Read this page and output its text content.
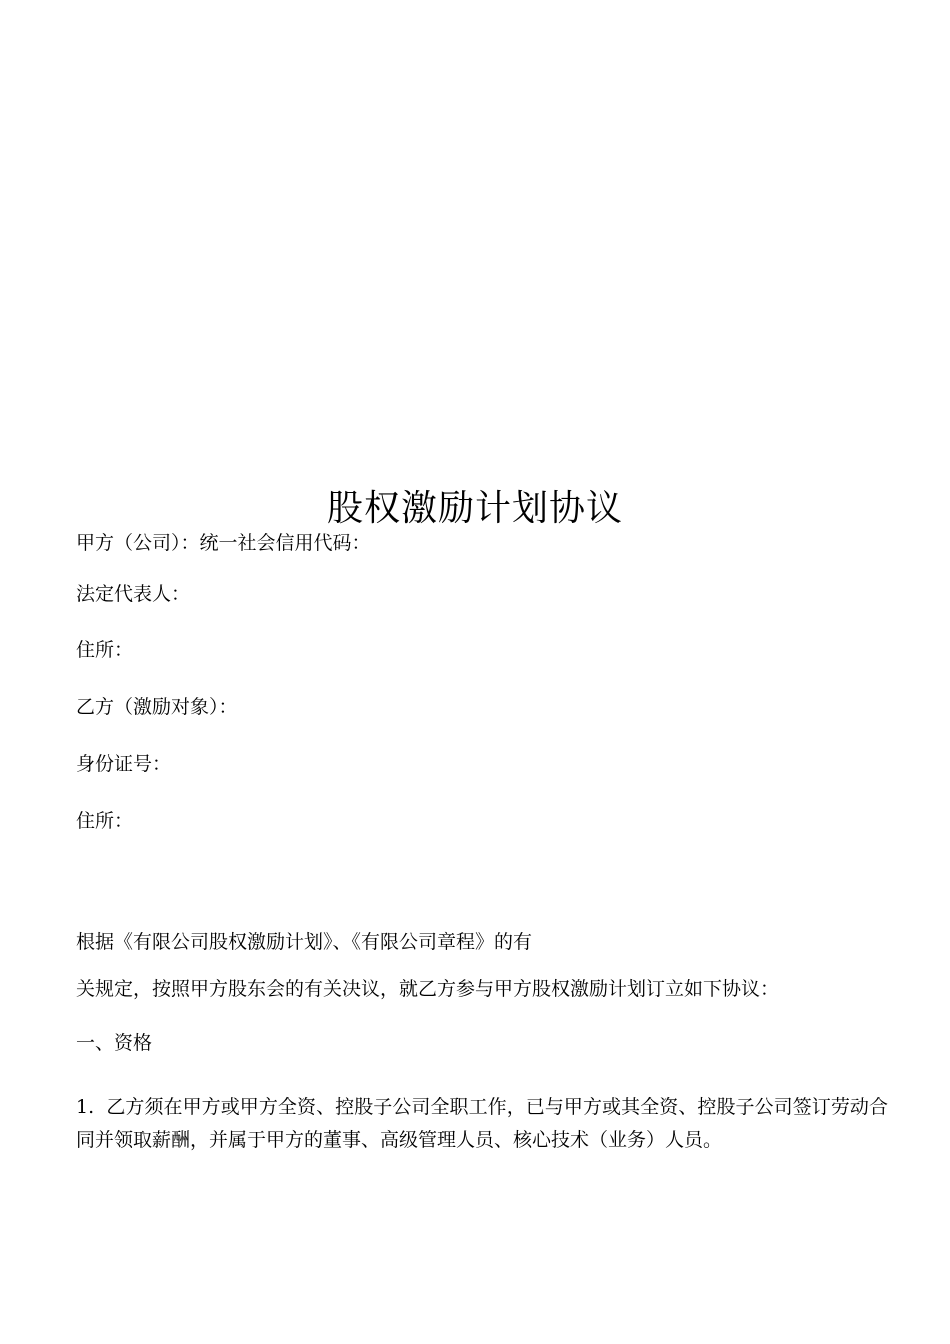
股权激励计划协议
甲方（公司）：统一社会信用代码：
法定代表人：
住所：
乙方（激励对象）：
身份证号：
住所：
根据《有限公司股权激励计划》、《有限公司章程》的有
关规定，按照甲方股东会的有关决议，就乙方参与甲方股权激励计划订立如下协议：
一、资格
1.  乙方须在甲方或甲方全资、控股子公司全职工作，已与甲方或其全资、控股子公司签订劳动合同并领取薪酬，并属于甲方的董事、高级管理人员、核心技术（业务）人员。
